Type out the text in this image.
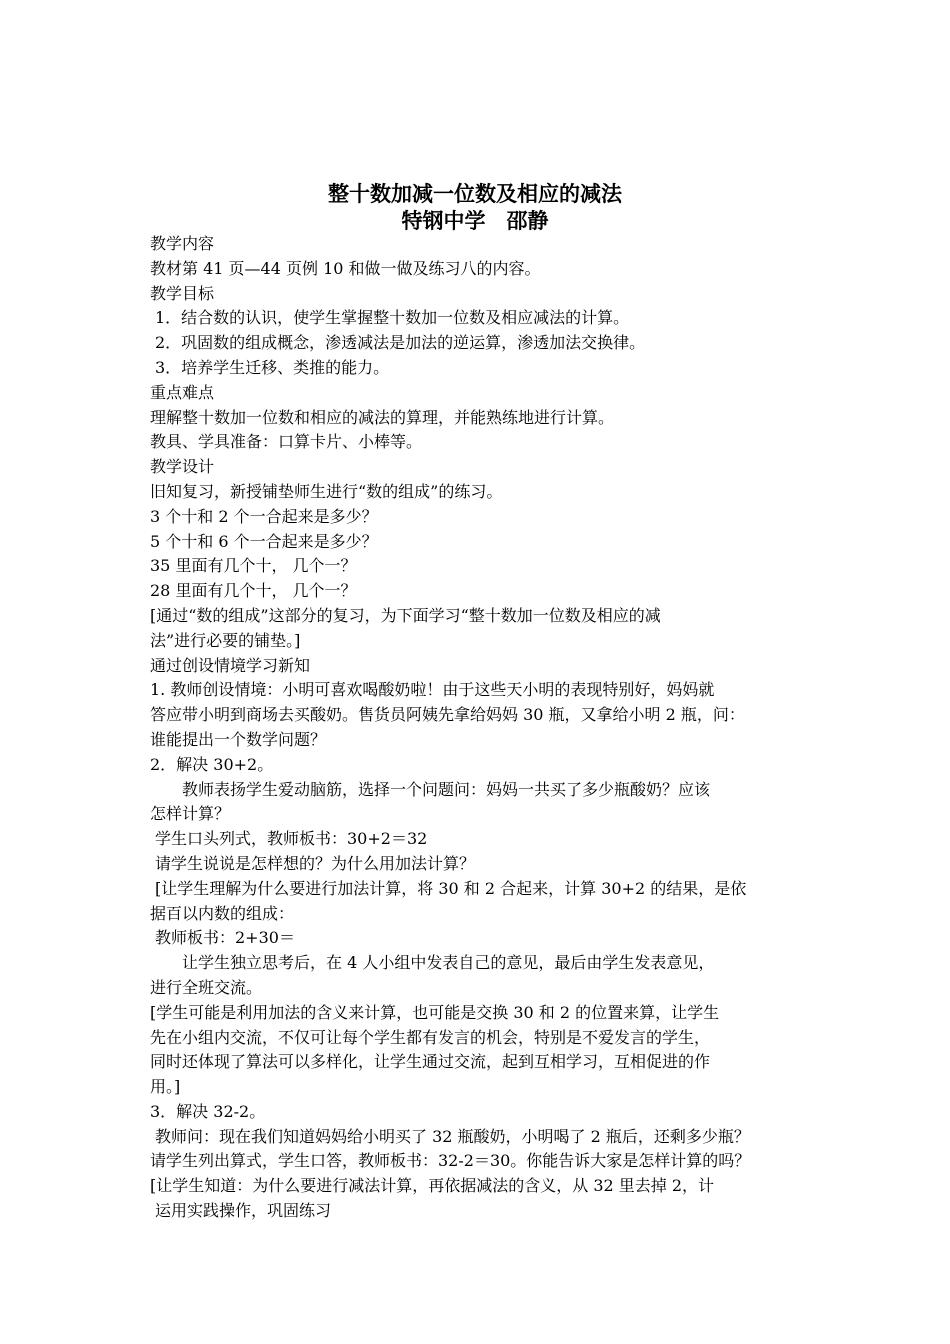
整十数加减一位数及相应的减法
特钢中学　邵静
教学内容
教材第 41 页—44 页例 10 和做一做及练习八的内容。
教学目标
1．结合数的认识，使学生掌握整十数加一位数及相应减法的计算。
2．巩固数的组成概念，渗透减法是加法的逆运算，渗透加法交换律。
3．培养学生迁移、类推的能力。
重点难点
理解整十数加一位数和相应的减法的算理，并能熟练地进行计算。
教具、学具准备：口算卡片、小棒等。
教学设计
旧知复习，新授铺垫师生进行“数的组成”的练习。
3 个十和 2 个一合起来是多少？
5 个十和 6 个一合起来是多少？
35 里面有几个十， 几个一？
28 里面有几个十， 几个一？
[通过“数的组成”这部分的复习，为下面学习“整十数加一位数及相应的减
法”进行必要的铺垫。]
通过创设情境学习新知
1. 教师创设情境：小明可喜欢喝酸奶啦！由于这些天小明的表现特别好，妈妈就
答应带小明到商场去买酸奶。售货员阿姨先拿给妈妈 30 瓶，又拿给小明 2 瓶，问：
谁能提出一个数学问题？
2．解决 30+2。
教师表扬学生爱动脑筋，选择一个问题问：妈妈一共买了多少瓶酸奶？应该
怎样计算？
学生口头列式，教师板书：30+2＝32
请学生说说是怎样想的？为什么用加法计算？
[让学生理解为什么要进行加法计算，将 30 和 2 合起来，计算 30+2 的结果，是依
据百以内数的组成：
教师板书：2+30＝
让学生独立思考后，在 4 人小组中发表自己的意见，最后由学生发表意见，
进行全班交流。
[学生可能是利用加法的含义来计算，也可能是交换 30 和 2 的位置来算，让学生
先在小组内交流，不仅可让每个学生都有发言的机会，特别是不爱发言的学生，
同时还体现了算法可以多样化，让学生通过交流，起到互相学习，互相促进的作
用。]
3．解决 32-2。
教师问：现在我们知道妈妈给小明买了 32 瓶酸奶，小明喝了 2 瓶后，还剩多少瓶？
请学生列出算式，学生口答，教师板书：32-2＝30。你能告诉大家是怎样计算的吗？
[让学生知道：为什么要进行减法计算，再依据减法的含义，从 32 里去掉 2，计
运用实践操作，巩固练习
